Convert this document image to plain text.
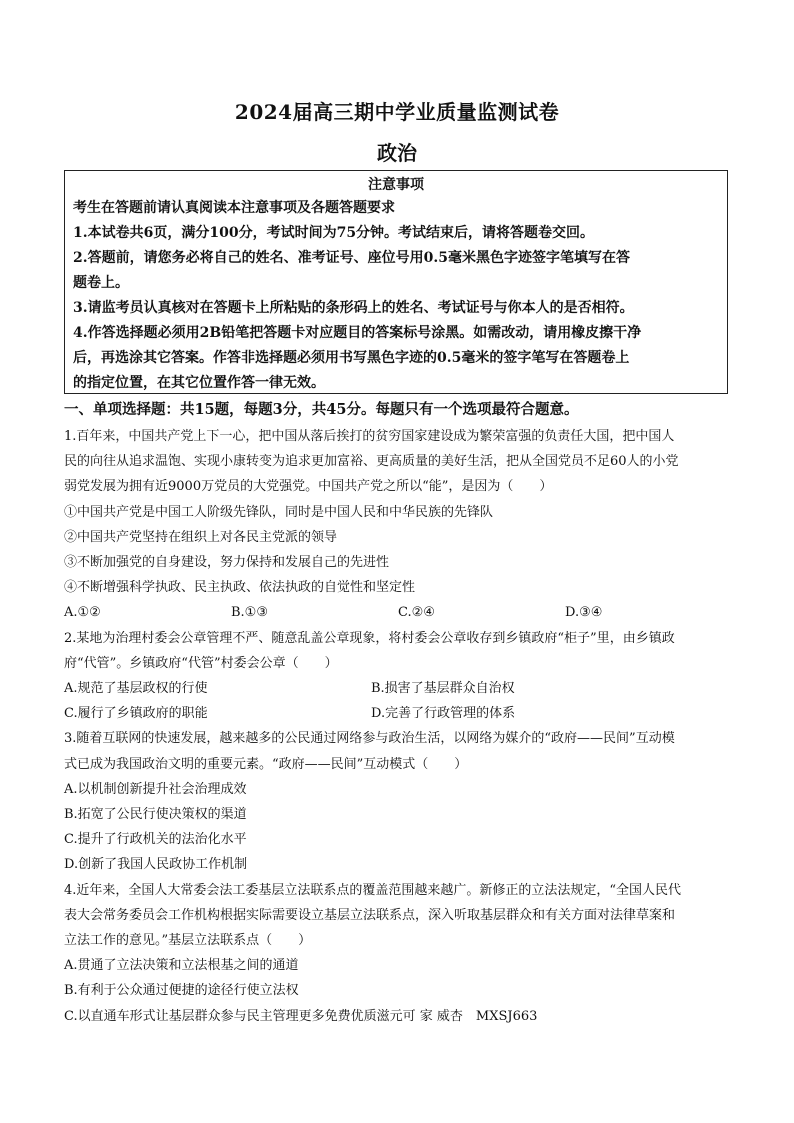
2024届高三期中学业质量监测试卷
政治
注意事项
考生在答题前请认真阅读本注意事项及各题答题要求
1.本试卷共6页，满分100分，考试时间为75分钟。考试结束后，请将答题卷交回。
2.答题前，请您务必将自己的姓名、准考证号、座位号用0.5毫米黑色字迹签字笔填写在答
题卷上。
3.请监考员认真核对在答题卡上所粘贴的条形码上的姓名、考试证号与你本人的是否相符。
4.作答选择题必须用2B铅笔把答题卡对应题目的答案标号涂黑。如需改动，请用橡皮擦干净
后，再选涂其它答案。作答非选择题必须用书写黑色字迹的0.5毫米的签字笔写在答题卷上
的指定位置，在其它位置作答一律无效。
一、单项选择题：共15题，每题3分，共45分。每题只有一个选项最符合题意。

1.百年来，中国共产党上下一心，把中国从落后挨打的贫穷国家建设成为繁荣富强的负责任大国，把中国人

民的向往从追求温饱、实现小康转变为追求更加富裕、更高质量的美好生活，把从全国党员不足60人的小党

弱党发展为拥有近9000万党员的大党强党。中国共产党之所以“能”，是因为（　　）

①中国共产党是中国工人阶级先锋队，同时是中国人民和中华民族的先锋队

②中国共产党坚持在组织上对各民主党派的领导

③不断加强党的自身建设，努力保持和发展自己的先进性

④不断增强科学执政、民主执政、依法执政的自觉性和坚定性

A.①②	B.①③	C.②④	D.③④

2.某地为治理村委会公章管理不严、随意乱盖公章现象，将村委会公章收存到乡镇政府“柜子”里，由乡镇政

府“代管”。乡镇政府“代管”村委会公章（　　）

A.规范了基层政权的行使	B.损害了基层群众自治权
C.履行了乡镇政府的职能	D.完善了行政管理的体系

3.随着互联网的快速发展，越来越多的公民通过网络参与政治生活，以网络为媒介的“政府——民间”互动模

式已成为我国政治文明的重要元素。“政府——民间”互动模式（　　）

A.以机制创新提升社会治理成效

B.拓宽了公民行使决策权的渠道

C.提升了行政机关的法治化水平

D.创新了我国人民政协工作机制

4.近年来，全国人大常委会法工委基层立法联系点的覆盖范围越来越广。新修正的立法法规定，“全国人民代

表大会常务委员会工作机构根据实际需要设立基层立法联系点，深入听取基层群众和有关方面对法律草案和

立法工作的意见。”基层立法联系点（　　）

A.贯通了立法决策和立法根基之间的通道

B.有利于公众通过便捷的途径行使立法权

C.以直通车形式让基层群众参与民主管理更多免费优质滋元可 家 威杏　MXSJ663
